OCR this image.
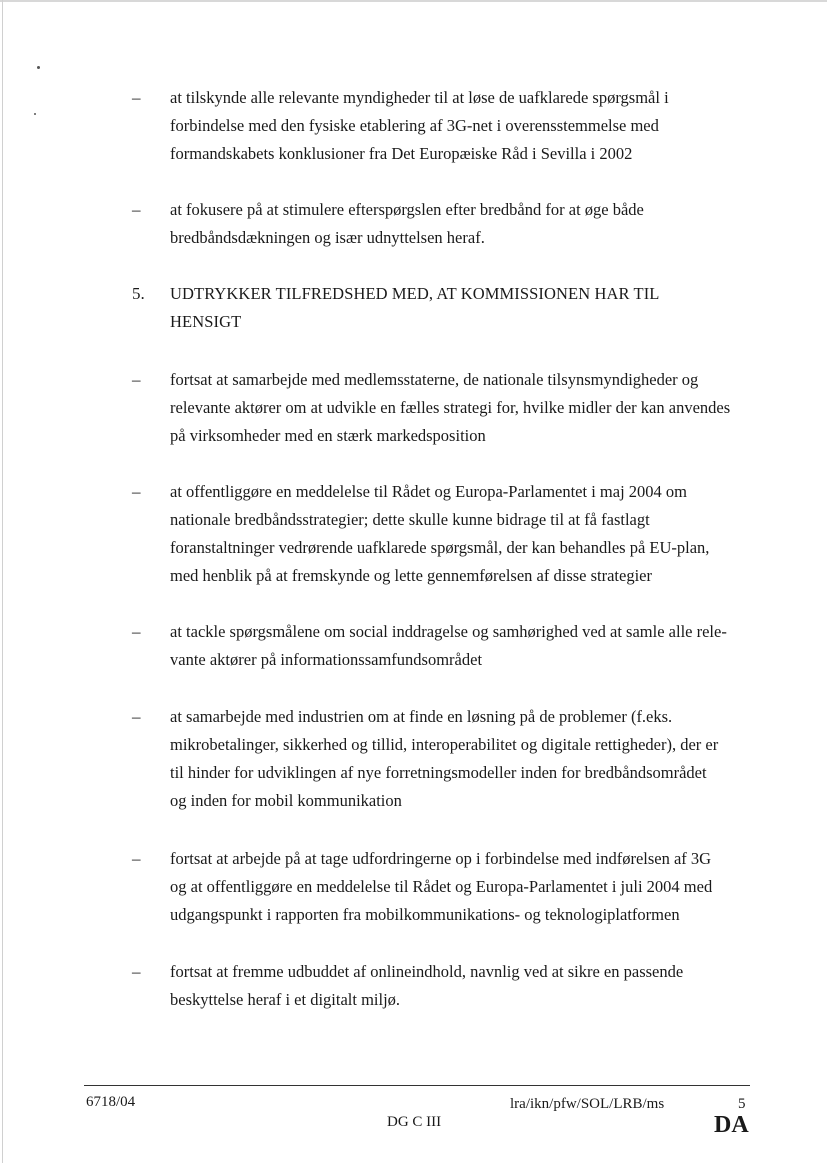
–	at tilskynde alle relevante myndigheder til at løse de uafklarede spørgsmål i
forbindelse med den fysiske etablering af 3G-net i overensstemmelse med
formandskabets konklusioner fra Det Europæiske Råd i Sevilla i 2002
–	at fokusere på at stimulere efterspørgslen efter bredbånd for at øge både
bredbåndsdækningen og især udnyttelsen heraf.
5.	UDTRYKKER TILFREDSHED MED, AT KOMMISSIONEN HAR TIL
HENSIGT
–	fortsat at samarbejde med medlemsstaterne, de nationale tilsynsmyndigheder og
relevante aktører om at udvikle en fælles strategi for, hvilke midler der kan anvendes
på virksomheder med en stærk markedsposition
–	at offentliggøre en meddelelse til Rådet og Europa-Parlamentet i maj 2004 om
nationale bredbåndsstrategier; dette skulle kunne bidrage til at få fastlagt
foranstaltninger vedrørende uafklarede spørgsmål, der kan behandles på EU-plan,
med henblik på at fremskynde og lette gennemførelsen af disse strategier
–	at tackle spørgsmålene om social inddragelse og samhørighed ved at samle alle rele-
vante aktører på informationssamfundsområdet
–	at samarbejde med industrien om at finde en løsning på de problemer (f.eks.
mikrobetalinger, sikkerhed og tillid, interoperabilitet og digitale rettigheder), der er
til hinder for udviklingen af nye forretningsmodeller inden for bredbåndsområdet
og inden for mobil kommunikation
–	fortsat at arbejde på at tage udfordringerne op i forbindelse med indførelsen af 3G
og at offentliggøre en meddelelse til Rådet og Europa-Parlamentet i juli 2004 med
udgangspunkt i rapporten fra mobilkommunikations- og teknologiplatformen
–	fortsat at fremme udbuddet af onlineindhold, navnlig ved at sikre en passende
beskyttelse heraf i et digitalt miljø.
6718/04	lra/ikn/pfw/SOL/LRB/ms	5
DG C III	DA
